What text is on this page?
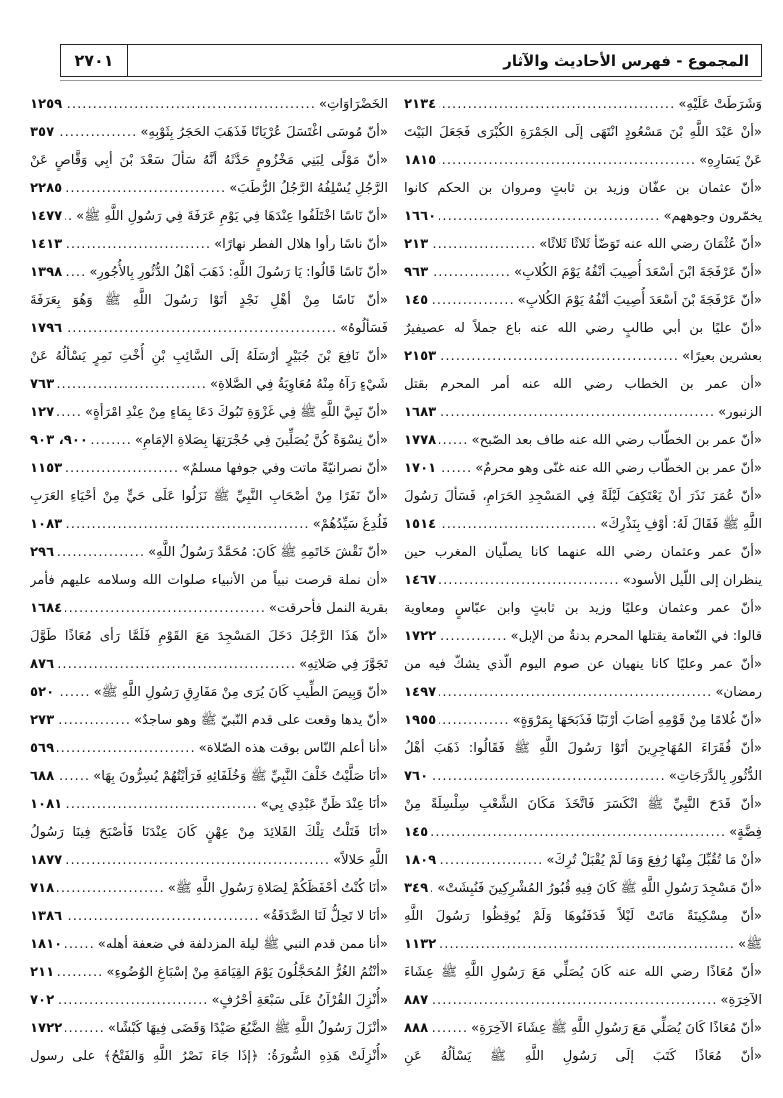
٢٧٠١	المجموع - فهرس الأحاديث والآثار
وَشَرَطَتْ عَلَيْهِ»
.....
٢١٣٤
«أنْ عَبْدَ اللَّهِ بْنَ مَسْعُودٍ انْتَهَى إلَى الجَمْرَةِ الكُبْرَى فَجَعَلَ البَيْتَ
عَنْ يَسَارِهِ»
.....
١٨١٥
«أنّ عثمان بن عفّان وزيد بن ثابتٍ ومروان بن الحكم كانوا
يخمّرون وجوههم»
.....
١٦٦٠
«أنّ عُثْمَانَ رضي الله عنه تَوَضّأ ثَلاثًا ثَلاثًا»
.....
٢١٣
«أنّ عَرْفَجَةَ ابْنَ أسْعَدَ أُصِيبَ أنْفُهُ يَوْمَ الكُلابِ»
.....
٩٦٣
«أنّ عَرْفَجَةَ بْنَ أسْعَدَ أُصِيبَ أنْفُهُ يَوْمَ الكُلابِ»
.....
١٤٥
«أنّ عليًا بن أبي طالبٍ رضي الله عنه باع جملاً له عصيفيرٌ
بعشرين بعيرًا»
.....
٢١٥٣
«أن عمر بن الخطاب رضي الله عنه أمر المحرم بقتل
الزنبور»
.....
١٦٨٣
«أنّ عمر بن الخطّاب رضي الله عنه طاف بعد الصّبح»
.....
١٧٧٨
«أنّ عمر بن الخطّاب رضي الله عنه غنّى وهو محرمٌ»
.....
١٧٠١
«أنّ عُمَرَ نَذَرَ أنْ يَعْتَكِفَ لَيْلَةً فِي المَسْجِدِ الحَرَامِ، فَسَألَ رَسُولَ
اللَّهِ ﷺ فَقَالَ لَهُ: أوْفِ بِنَذْرِكَ»
.....
١٥١٤
«أنّ عمر وعثمان رضي الله عنهما كانا يصلّيان المغرب حين
ينظران إلى اللّيل الأسود»
.....
١٤٦٧
«أنّ عمر وعثمان وعليًا وزيد بن ثابتٍ وابن عبّاسٍ ومعاوية
قالوا: في النّعامة يقتلها المحرم بدنةٌ من الإبل»
.....
١٧٢٢
«أنّ عمر وعليًا كانا ينهيان عن صوم اليوم الّذي يشكّ فيه من
رمضان»
.....
١٤٩٧
«أنّ غُلامًا مِنْ قَوْمِهِ أصَابَ أرْنَبًا فَذَبَحَهَا بِمَرْوَةٍ»
.....
١٩٥٥
«أنّ فُقَرَاءَ المُهَاجِرِينَ أتَوْا رَسُولَ اللَّهِ ﷺ فَقَالُوا: ذَهَبَ أهْلُ
الدُّثُورِ بِالدَّرَجَاتِ»
.....
٧٦٠
«أنّ قَدَحَ النَّبِيِّ ﷺ انْكَسَرَ فَاتَّخَذَ مَكَانَ الشَّعْبِ سِلْسِلَةً مِنْ
فِضَّةٍ»
.....
١٤٥
«أنْ مَا تُقُبِّلَ مِنْهَا رُفِعَ وَمَا لَمْ يُقْبَلْ تُرِكَ»
.....
١٨٠٩
«أنّ مَسْجِدَ رَسُولِ اللَّهِ ﷺ كَانَ فِيهِ قُبُورُ المُشْرِكِينَ فَنُبِشَتْ»
.....
٣٤٩
«أنّ مِسْكِينَةً مَاتَتْ لَيْلاً فَدَفَنُوهَا وَلَمْ يُوقِظُوا رَسُولَ اللَّهِ
ﷺ»
.....
١١٣٢
«أنّ مُعَاذًا رضي الله عنه كَانَ يُصَلِّي مَعَ رَسُولِ اللَّهِ ﷺ عِشَاءَ
الآخِرَةِ»
.....
٨٨٧
«أنّ مُعَاذًا كَانَ يُصَلِّي مَعَ رَسُولِ اللَّهِ ﷺ عِشَاءَ الآخِرَةِ»
.....
٨٨٨
«أنّ مُعَاذًا كَتَبَ إلَى رَسُولِ اللَّهِ ﷺ يَسْألُهُ عَنِ
الخَضْرَاوَاتِ»
.....
١٢٥٩
«أنّ مُوسَى اغْتَسَلَ عُرْيَانًا فَذَهَبَ الحَجَرُ بِثَوْبِهِ»
.....
٣٥٧
«أنّ مَوْلًى لِبَنِي مَخْزُومٍ حَدَّثَهُ أنَّهُ سَألَ سَعْدَ بْنَ أبِي وَقَّاصٍ عَنْ
الرَّجُلِ يُسْلِفُهُ الرَّجُلُ الرُّطَبَ»
.....
٢٢٨٥
«أنّ نَاسًا اخْتَلَفُوا عِنْدَهَا فِي يَوْمِ عَرَفَةَ فِي رَسُولِ اللَّهِ ﷺ»
.....
١٤٧٧
«أنّ ناسًا رأوا هلال الفطر نهارًا»
.....
١٤١٣
«أنّ نَاسًا قَالُوا: يَا رَسُولَ اللَّهِ: ذَهَبَ أهْلُ الدُّثُورِ بِالأُجُورِ»
.....
١٣٩٨
«أنّ نَاسًا مِنْ أهْلِ نَجْدٍ أتَوْا رَسُولَ اللَّهِ ﷺ وَهُوَ بِعَرَفَةَ
فَسَألُوهُ»
.....
١٧٩٦
«أنّ نَافِعَ بْنَ جُبَيْرٍ أرْسَلَهُ إلَى السَّائِبِ بْنِ أُخْتِ نَمِرٍ يَسْألُهُ عَنْ
شَيْءٍ رَآهُ مِنْهُ مُعَاوِيَةُ فِي الصَّلاةِ»
.....
٧٦٣
«أنّ نَبِيَّ اللَّهِ ﷺ فِي غَزْوَةِ تَبُوكَ دَعَا بِمَاءٍ مِنْ عِنْدِ امْرَأةٍ»
.....
١٢٧
«أنّ نِسْوَةً كُنَّ يُصَلِّينَ فِي حُجْرَتِهَا بِصَلاةِ الإمَامِ»
.....
٩٠٠، ٩٠٣
«أنّ نصرانيّةً ماتت وفي جوفها مسلمٌ»
.....
١١٥٣
«أنّ نَفَرًا مِنْ أصْحَابِ النَّبِيِّ ﷺ نَزَلُوا عَلَى حَيٍّ مِنْ أحْيَاءِ العَرَبِ
فَلُدِغَ سَيِّدُهُمْ»
.....
١٠٨٣
«أنّ نَقْشَ خَاتَمِهِ ﷺ كَانَ: مُحَمَّدٌ رَسُولُ اللَّهِ»
.....
٢٩٦
«أن نملة قرصت نبياً من الأنبياء صلوات الله وسلامه عليهم فأمر
بقرية النمل فأحرقت»
.....
١٦٨٤
«أنّ هَذَا الرَّجُلَ دَخَلَ المَسْجِدَ مَعَ القَوْمِ فَلَمَّا رَأى مُعَاذًا طَوَّلَ
تَجَوَّزَ فِي صَلاتِهِ»
.....
٨٧٦
«أنّ وَبِيصَ الطِّيبِ كَانَ يُرَى مِنْ مَفَارِقِ رَسُولِ اللَّهِ ﷺ»
.....
٥٢٠
«أنّ يدها وقعت على قدم النّبيّ ﷺ وهو ساجدٌ»
.....
٢٧٣
«أنا أعلم النّاس بوقت هذه الصّلاة»
.....
٥٦٩
«أنَا صَلَّيْتُ خَلْفَ النَّبِيِّ ﷺ وَخُلَفَائِهِ فَرَأيْتُهُمْ يُسِرُّونَ بِهَا»
.....
٦٨٨
«أنَا عِنْدَ ظَنِّ عَبْدِي بِي»
.....
١٠٨١
«أنَا فَتَلْتُ تِلْكَ القَلائِدَ مِنْ عِهْنٍ كَانَ عِنْدَنَا فَأصْبَحَ فِينَا رَسُولُ
اللَّهِ حَلالاً»
.....
١٨٧٧
«أنَا كُنْتُ أحْفَظَكُمْ لِصَلاةِ رَسُولِ اللَّهِ ﷺ»
.....
٧١٨
«أنَا لا تَحِلُّ لَنَا الصَّدَقَةُ»
.....
١٣٨٦
«أنا ممن قدم النبي ﷺ ليلة المزدلفة في ضعفة أهله»
.....
١٨١٠
«أنْتُمُ الغُرُّ المُحَجَّلُونَ يَوْمَ القِيَامَةِ مِنْ إسْبَاغِ الوُضُوءِ»
.....
٢١١
«أُنْزِلَ القُرْآنُ عَلَى سَبْعَةِ أحْرُفٍ»
.....
٧٠٢
«أنْزَلَ رَسُولُ اللَّهِ ﷺ الضَّبُعَ صَيْدًا وَقَضَى فِيهَا كَبْشًا»
.....
١٧٢٢
«أُنْزِلَتْ هَذِهِ السُّورَةُ: ﴿إذَا جَاءَ نَصْرُ اللَّهِ وَالفَتْحُ﴾ على رسول
